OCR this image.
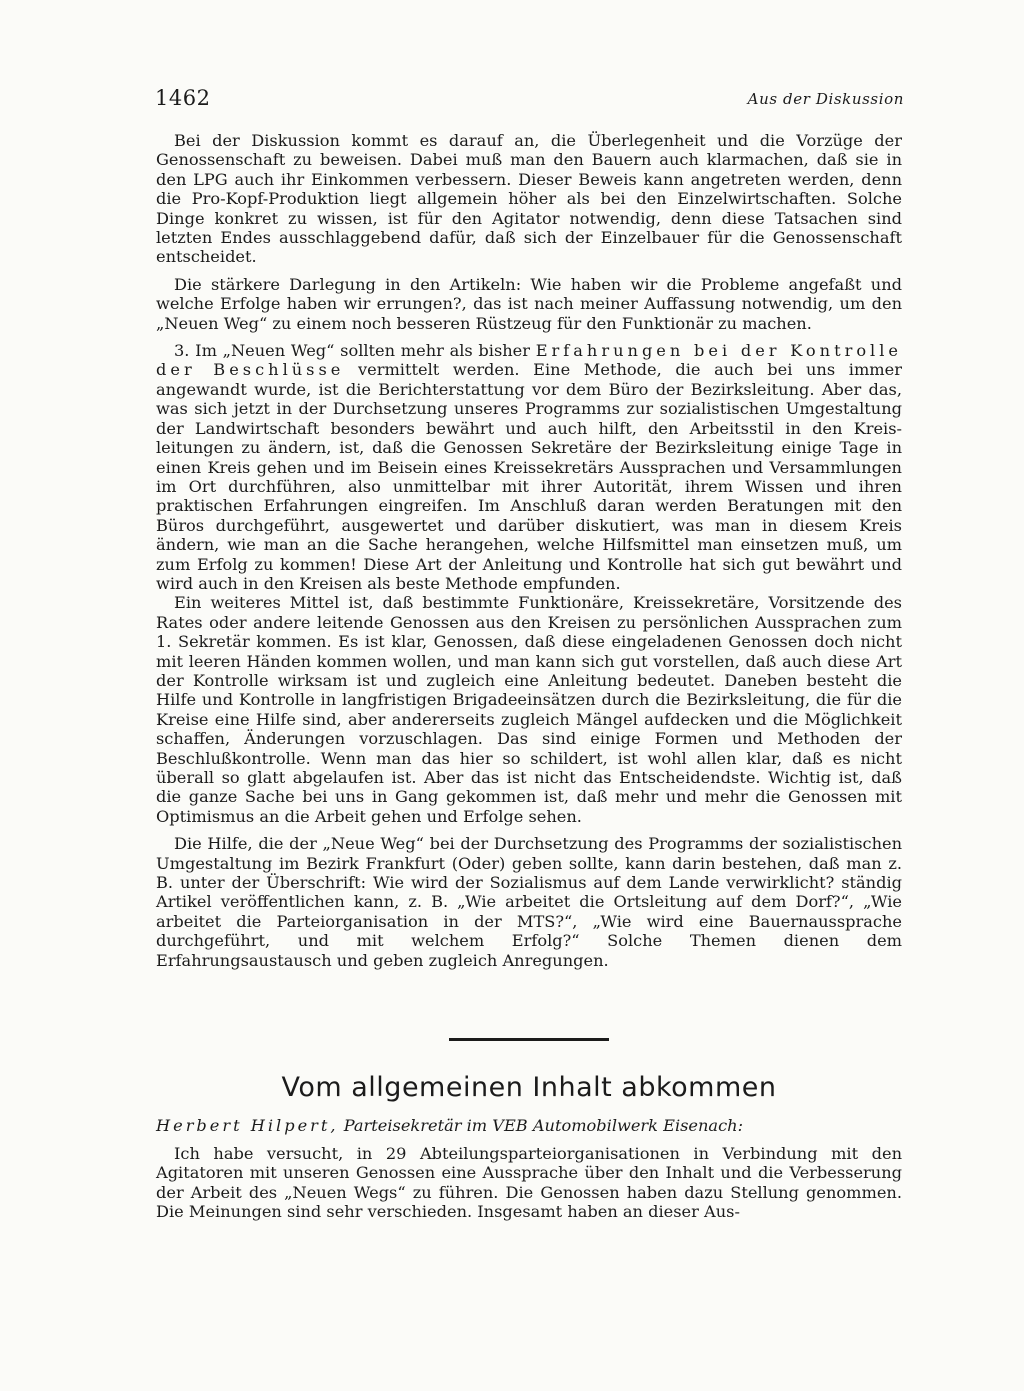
1462	Aus der Diskussion

Bei der Diskussion kommt es darauf an, die Überlegenheit und die Vorzüge der Genossenschaft zu beweisen. Dabei muß man den Bauern auch klarmachen, daß sie in den LPG auch ihr Einkommen verbessern. Dieser Beweis kann angetreten werden, denn die Pro-Kopf-Produktion liegt allgemein höher als bei den Einzelwirtschaften. Solche Dinge konkret zu wissen, ist für den Agitator notwendig, denn diese Tatsachen sind letzten Endes ausschlaggebend dafür, daß sich der Einzelbauer für die Genossenschaft entscheidet.

Die stärkere Darlegung in den Artikeln: Wie haben wir die Probleme angefaßt und welche Erfolge haben wir errungen?, das ist nach meiner Auffassung notwendig, um den „Neuen Weg“ zu einem noch besseren Rüstzeug für den Funktionär zu machen.

3. Im „Neuen Weg“ sollten mehr als bisher Erfahrungen bei der Kontrolle der Beschlüsse vermittelt werden. Eine Methode, die auch bei uns immer angewandt wurde, ist die Berichterstattung vor dem Büro der Bezirksleitung. Aber das, was sich jetzt in der Durchsetzung unseres Programms zur sozialistischen Umgestaltung der Landwirtschaft besonders bewährt und auch hilft, den Arbeitsstil in den Kreisleitungen zu ändern, ist, daß die Genossen Sekretäre der Bezirksleitung einige Tage in einen Kreis gehen und im Beisein eines Kreissekretärs Aussprachen und Versammlungen im Ort durchführen, also unmittelbar mit ihrer Autorität, ihrem Wissen und ihren praktischen Erfahrungen eingreifen. Im Anschluß daran werden Beratungen mit den Büros durchgeführt, ausgewertet und darüber diskutiert, was man in diesem Kreis ändern, wie man an die Sache herangehen, welche Hilfsmittel man einsetzen muß, um zum Erfolg zu kommen! Diese Art der Anleitung und Kontrolle hat sich gut bewährt und wird auch in den Kreisen als beste Methode empfunden.

Ein weiteres Mittel ist, daß bestimmte Funktionäre, Kreissekretäre, Vorsitzende des Rates oder andere leitende Genossen aus den Kreisen zu persönlichen Aussprachen zum 1. Sekretär kommen. Es ist klar, Genossen, daß diese eingeladenen Genossen doch nicht mit leeren Händen kommen wollen, und man kann sich gut vorstellen, daß auch diese Art der Kontrolle wirksam ist und zugleich eine Anleitung bedeutet. Daneben besteht die Hilfe und Kontrolle in langfristigen Brigadeeinsätzen durch die Bezirksleitung, die für die Kreise eine Hilfe sind, aber andererseits zugleich Mängel aufdecken und die Möglichkeit schaffen, Änderungen vorzuschlagen. Das sind einige Formen und Methoden der Beschlußkontrolle. Wenn man das hier so schildert, ist wohl allen klar, daß es nicht überall so glatt abgelaufen ist. Aber das ist nicht das Entscheidendste. Wichtig ist, daß die ganze Sache bei uns in Gang gekommen ist, daß mehr und mehr die Genossen mit Optimismus an die Arbeit gehen und Erfolge sehen.

Die Hilfe, die der „Neue Weg“ bei der Durchsetzung des Programms der sozialistischen Umgestaltung im Bezirk Frankfurt (Oder) geben sollte, kann darin bestehen, daß man z. B. unter der Überschrift: Wie wird der Sozialismus auf dem Lande verwirklicht? ständig Artikel veröffentlichen kann, z. B. „Wie arbeitet die Ortsleitung auf dem Dorf?“, „Wie arbeitet die Parteiorganisation in der MTS?“, „Wie wird eine Bauernaussprache durchgeführt, und mit welchem Erfolg?“ Solche Themen dienen dem Erfahrungsaustausch und geben zugleich Anregungen.

Vom allgemeinen Inhalt abkommen
Herbert Hilpert, Parteisekretär im VEB Automobilwerk Eisenach:

Ich habe versucht, in 29 Abteilungsparteiorganisationen in Verbindung mit den Agitatoren mit unseren Genossen eine Aussprache über den Inhalt und die Verbesserung der Arbeit des „Neuen Wegs“ zu führen. Die Genossen haben dazu Stellung genommen. Die Meinungen sind sehr verschieden. Insgesamt haben an dieser Aus-
